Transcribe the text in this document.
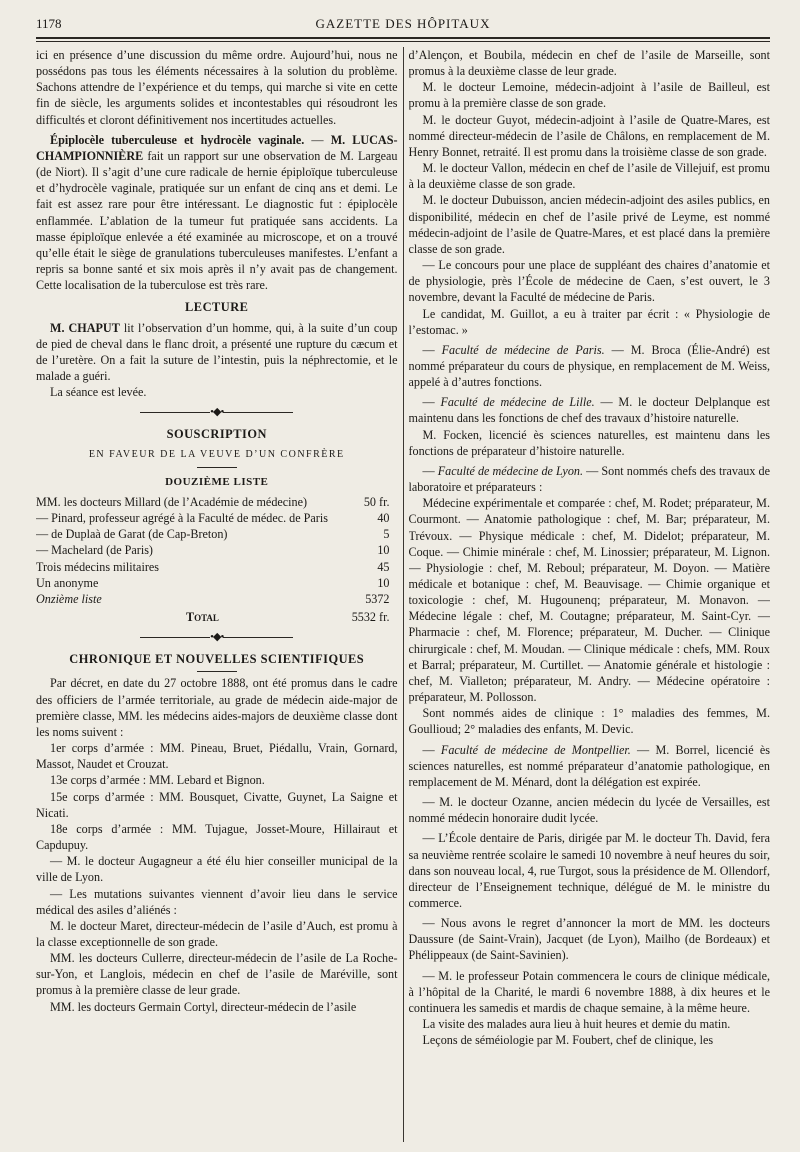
1178	GAZETTE DES HÔPITAUX

ici en présence d’une discussion du même ordre. Aujourd’hui, nous ne possédons pas tous les éléments nécessaires à la solution du problème. Sachons attendre de l’expérience et du temps, qui marche si vite en cette fin de siècle, les arguments solides et incontestables qui résoudront les difficultés et cloront définitivement nos incertitudes actuelles.

Épiplocèle tuberculeuse et hydrocèle vaginale. — M. LUCAS-CHAMPIONNIÈRE fait un rapport sur une observation de M. Largeau (de Niort). Il s’agit d’une cure radicale de hernie épiploïque tuberculeuse et d’hydrocèle vaginale, pratiquée sur un enfant de cinq ans et demi. Le fait est assez rare pour être intéressant. Le diagnostic fut : épiplocèle enflammée. L’ablation de la tumeur fut pratiquée sans accidents. La masse épiploïque enlevée a été examinée au microscope, et on a trouvé qu’elle était le siège de granulations tuberculeuses manifestes. L’enfant a repris sa bonne santé et six mois après il n’y avait pas de changement. Cette localisation de la tuberculose est très rare.

LECTURE

M. CHAPUT lit l’observation d’un homme, qui, à la suite d’un coup de pied de cheval dans le flanc droit, a présenté une rupture du cæcum et de l’uretère. On a fait la suture de l’intestin, puis la néphrectomie, et le malade a guéri.

La séance est levée.

•◆•
SOUSCRIPTION
EN FAVEUR DE LA VEUVE D’UN CONFRÈRE
DOUZIÈME LISTE
MM. les docteurs Millard (de l’Académie de médecine)	50 fr.
— Pinard, professeur agrégé à la Faculté de médec. de Paris	40
— de Duplaà de Garat (de Cap-Breton)	5
— Machelard (de Paris)	10
Trois médecins militaires	45
Un anonyme	10
Onzième liste	5372
Total	5532 fr.
•◆•
CHRONIQUE ET NOUVELLES SCIENTIFIQUES

Par décret, en date du 27 octobre 1888, ont été promus dans le cadre des officiers de l’armée territoriale, au grade de médecin aide-major de première classe, MM. les médecins aides-majors de deuxième classe dont les noms suivent :

1er corps d’armée : MM. Pineau, Bruet, Piédallu, Vrain, Gornard, Massot, Naudet et Crouzat.

13e corps d’armée : MM. Lebard et Bignon.

15e corps d’armée : MM. Bousquet, Civatte, Guynet, La Saigne et Nicati.

18e corps d’armée : MM. Tujague, Josset-Moure, Hillairaut et Capdupuy.

— M. le docteur Augagneur a été élu hier conseiller municipal de la ville de Lyon.

— Les mutations suivantes viennent d’avoir lieu dans le service médical des asiles d’aliénés :

M. le docteur Maret, directeur-médecin de l’asile d’Auch, est promu à la classe exceptionnelle de son grade.

MM. les docteurs Cullerre, directeur-médecin de l’asile de La Roche-sur-Yon, et Langlois, médecin en chef de l’asile de Maréville, sont promus à la première classe de leur grade.

MM. les docteurs Germain Cortyl, directeur-médecin de l’asile

d’Alençon, et Boubila, médecin en chef de l’asile de Marseille, sont promus à la deuxième classe de leur grade.

M. le docteur Lemoine, médecin-adjoint à l’asile de Bailleul, est promu à la première classe de son grade.

M. le docteur Guyot, médecin-adjoint à l’asile de Quatre-Mares, est nommé directeur-médecin de l’asile de Châlons, en remplacement de M. Henry Bonnet, retraité. Il est promu dans la troisième classe de son grade.

M. le docteur Vallon, médecin en chef de l’asile de Villejuif, est promu à la deuxième classe de son grade.

M. le docteur Dubuisson, ancien médecin-adjoint des asiles publics, en disponibilité, médecin en chef de l’asile privé de Leyme, est nommé médecin-adjoint de l’asile de Quatre-Mares, et est placé dans la première classe de son grade.

— Le concours pour une place de suppléant des chaires d’anatomie et de physiologie, près l’École de médecine de Caen, s’est ouvert, le 3 novembre, devant la Faculté de médecine de Paris.

Le candidat, M. Guillot, a eu à traiter par écrit : « Physiologie de l’estomac. »

— Faculté de médecine de Paris. — M. Broca (Élie-André) est nommé préparateur du cours de physique, en remplacement de M. Weiss, appelé à d’autres fonctions.

— Faculté de médecine de Lille. — M. le docteur Delplanque est maintenu dans les fonctions de chef des travaux d’histoire naturelle.

M. Focken, licencié ès sciences naturelles, est maintenu dans les fonctions de préparateur d’histoire naturelle.

— Faculté de médecine de Lyon. — Sont nommés chefs des travaux de laboratoire et préparateurs :

Médecine expérimentale et comparée : chef, M. Rodet; préparateur, M. Courmont. — Anatomie pathologique : chef, M. Bar; préparateur, M. Trévoux. — Physique médicale : chef, M. Didelot; préparateur, M. Coque. — Chimie minérale : chef, M. Linossier; préparateur, M. Lignon. — Physiologie : chef, M. Reboul; préparateur, M. Doyon. — Matière médicale et botanique : chef, M. Beauvisage. — Chimie organique et toxicologie : chef, M. Hugounenq; préparateur, M. Monavon. — Médecine légale : chef, M. Coutagne; préparateur, M. Saint-Cyr. — Pharmacie : chef, M. Florence; préparateur, M. Ducher. — Clinique chirurgicale : chef, M. Moudan. — Clinique médicale : chefs, MM. Roux et Barral; préparateur, M. Curtillet. — Anatomie générale et histologie : chef, M. Vialleton; préparateur, M. Andry. — Médecine opératoire : préparateur, M. Pollosson.

Sont nommés aides de clinique : 1° maladies des femmes, M. Goullioud; 2° maladies des enfants, M. Devic.

— Faculté de médecine de Montpellier. — M. Borrel, licencié ès sciences naturelles, est nommé préparateur d’anatomie pathologique, en remplacement de M. Ménard, dont la délégation est expirée.

— M. le docteur Ozanne, ancien médecin du lycée de Versailles, est nommé médecin honoraire dudit lycée.

— L’École dentaire de Paris, dirigée par M. le docteur Th. David, fera sa neuvième rentrée scolaire le samedi 10 novembre à neuf heures du soir, dans son nouveau local, 4, rue Turgot, sous la présidence de M. Ollendorf, directeur de l’Enseignement technique, délégué de M. le ministre du commerce.

— Nous avons le regret d’annoncer la mort de MM. les docteurs Daussure (de Saint-Vrain), Jacquet (de Lyon), Mailho (de Bordeaux) et Phélippeaux (de Saint-Savinien).

— M. le professeur Potain commencera le cours de clinique médicale, à l’hôpital de la Charité, le mardi 6 novembre 1888, à dix heures et le continuera les samedis et mardis de chaque semaine, à la même heure.

La visite des malades aura lieu à huit heures et demie du matin.

Leçons de séméiologie par M. Foubert, chef de clinique, les
